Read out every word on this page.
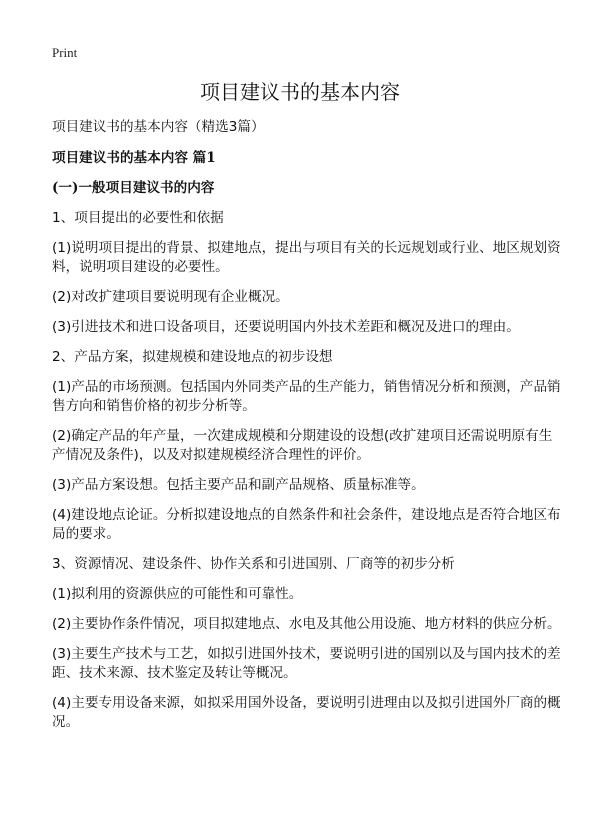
Print
项目建议书的基本内容

项目建议书的基本内容（精选3篇）

项目建议书的基本内容 篇1

(一)一般项目建议书的内容

1、项目提出的必要性和依据

(1)说明项目提出的背景、拟建地点，提出与项目有关的长远规划或行业、地区规划资料，说明项目建设的必要性。

(2)对改扩建项目要说明现有企业概况。

(3)引进技术和进口设备项目，还要说明国内外技术差距和概况及进口的理由。

2、产品方案，拟建规模和建设地点的初步设想

(1)产品的市场预测。包括国内外同类产品的生产能力，销售情况分析和预测，产品销售方向和销售价格的初步分析等。

(2)确定产品的年产量，一次建成规模和分期建设的设想(改扩建项目还需说明原有生产情况及条件)，以及对拟建规模经济合理性的评价。

(3)产品方案设想。包括主要产品和副产品规格、质量标准等。

(4)建设地点论证。分析拟建设地点的自然条件和社会条件，建设地点是否符合地区布局的要求。

3、资源情况、建设条件、协作关系和引进国别、厂商等的初步分析

(1)拟利用的资源供应的可能性和可靠性。

(2)主要协作条件情况，项目拟建地点、水电及其他公用设施、地方材料的供应分析。

(3)主要生产技术与工艺，如拟引进国外技术，要说明引进的国别以及与国内技术的差距、技术来源、技术鉴定及转让等概况。

(4)主要专用设备来源，如拟采用国外设备，要说明引进理由以及拟引进国外厂商的概况。
